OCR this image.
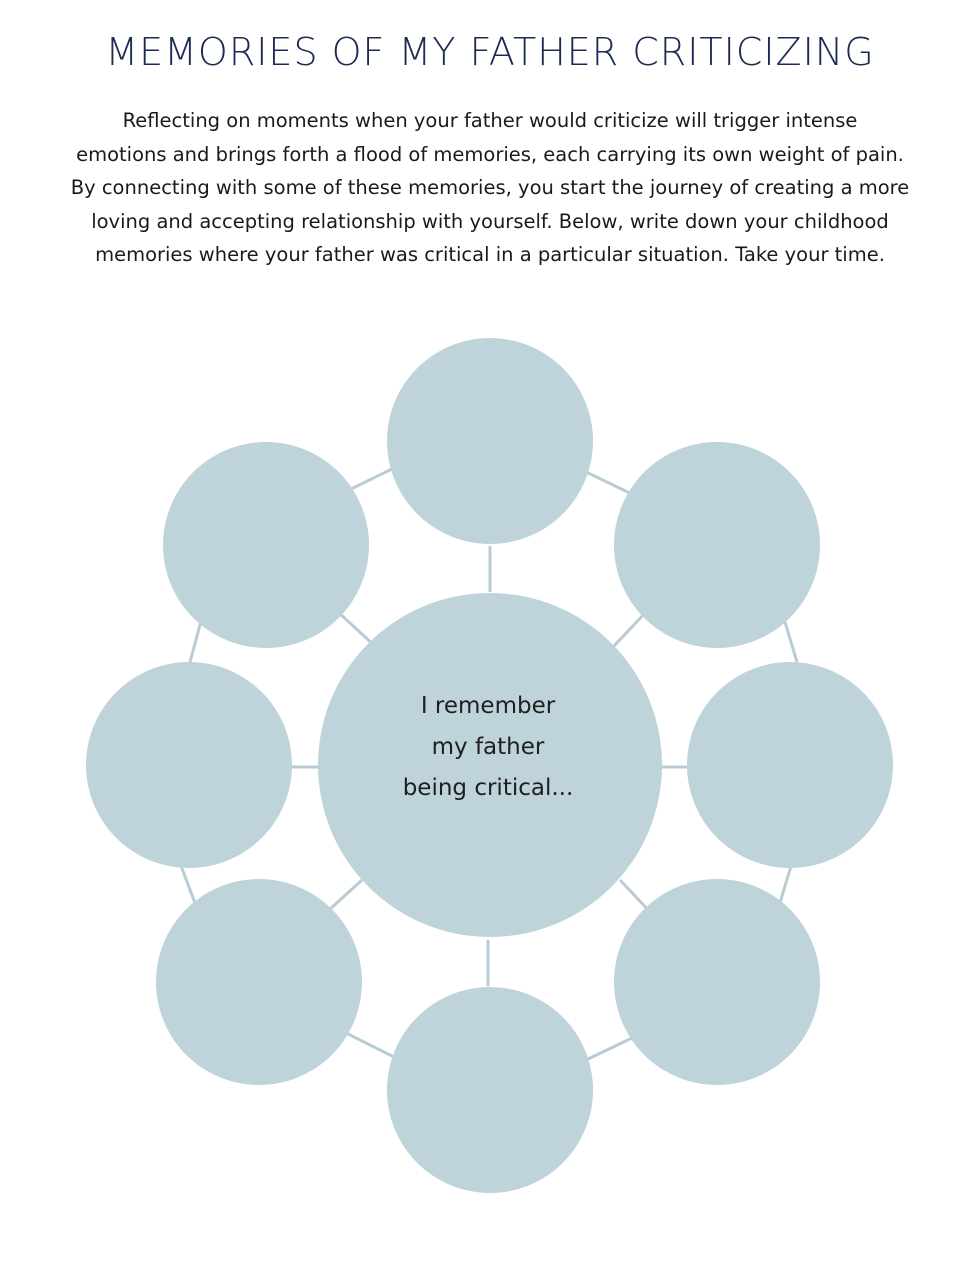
MEMORIES OF MY FATHER CRITICIZING
Reflecting on moments when your father would criticize will trigger intense
emotions and brings forth a flood of memories, each carrying its own weight of pain.
By connecting with some of these memories, you start the journey of creating a more
loving and accepting relationship with yourself. Below, write down your childhood
memories where your father was critical in a particular situation. Take your time.
I remember
my father
being critical...
